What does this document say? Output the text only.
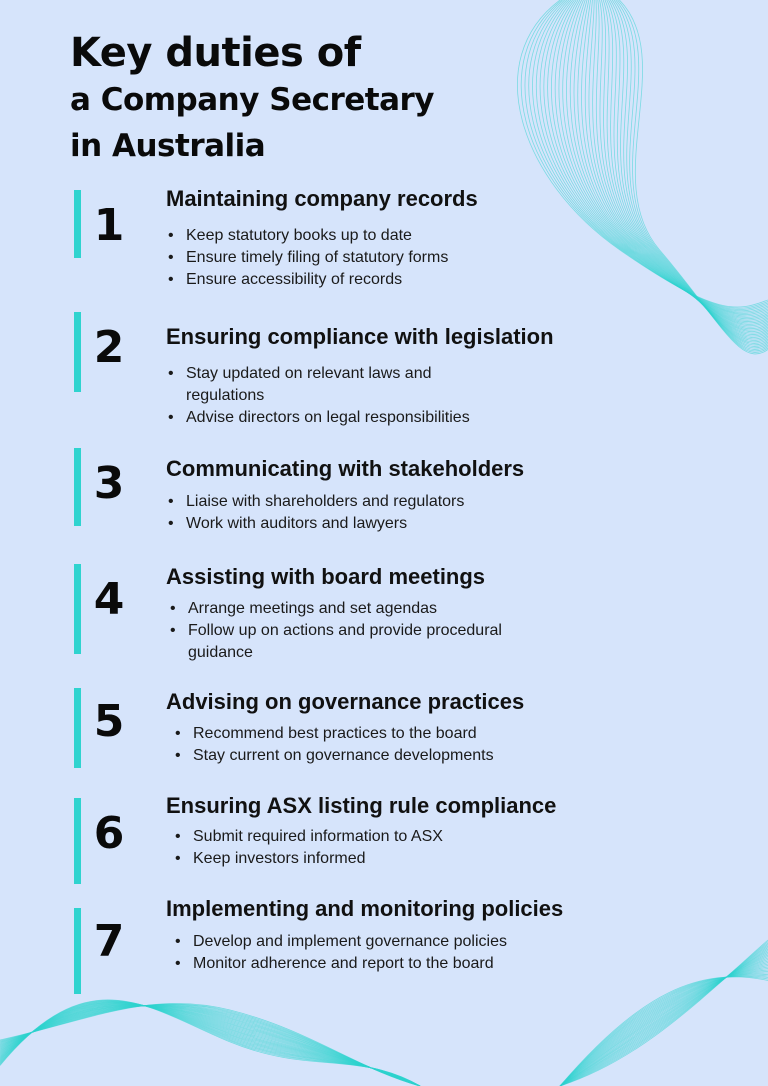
Key duties of
a Company Secretary
in Australia
1
Maintaining company records
• Keep statutory books up to date
• Ensure timely filing of statutory forms
• Ensure accessibility of records
2	Ensuring compliance with legislation
• Stay updated on relevant laws and regulations
• Advise directors on legal responsibilities
3	Communicating with stakeholders
• Liaise with shareholders and regulators
• Work with auditors and lawyers
4	Assisting with board meetings
• Arrange meetings and set agendas
• Follow up on actions and provide procedural guidance
5	Advising on governance practices
• Recommend best practices to the board
• Stay current on governance developments
6
Ensuring ASX listing rule compliance
• Submit required information to ASX
• Keep investors informed
7
Implementing and monitoring policies
• Develop and implement governance policies
• Monitor adherence and report to the board
